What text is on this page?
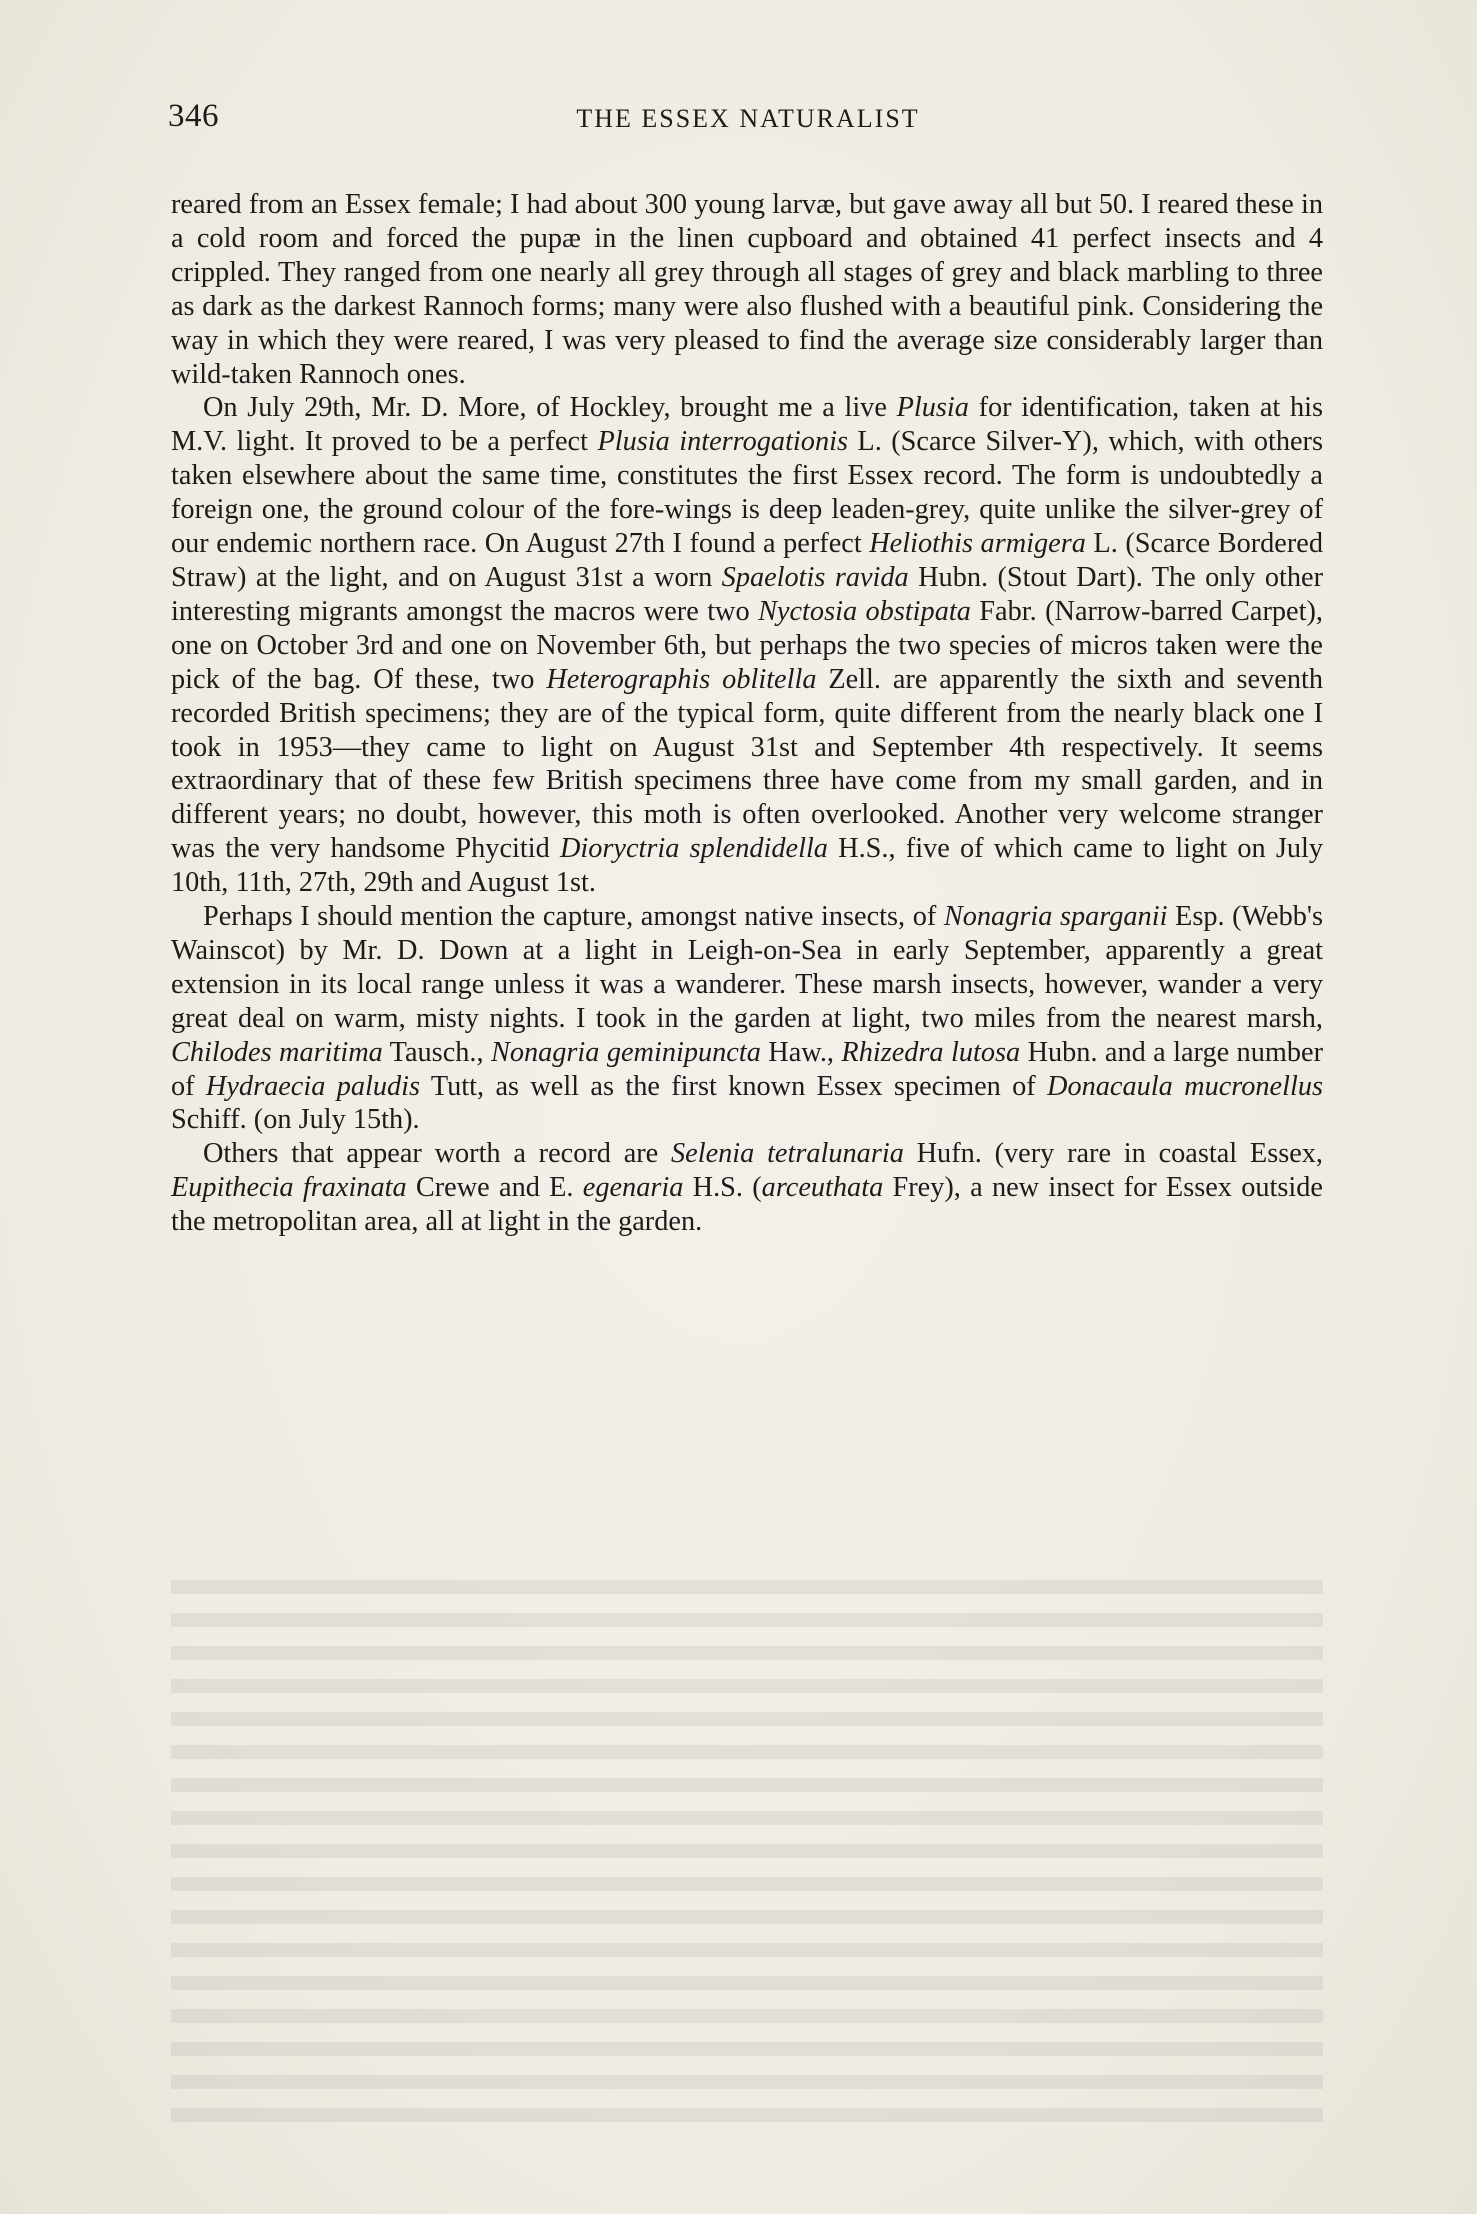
346	THE ESSEX NATURALIST

reared from an Essex female; I had about 300 young larvæ, but gave away all but 50. I reared these in a cold room and forced the pupæ in the linen cupboard and obtained 41 perfect insects and 4 crippled. They ranged from one nearly all grey through all stages of grey and black marbling to three as dark as the darkest Rannoch forms; many were also flushed with a beautiful pink. Considering the way in which they were reared, I was very pleased to find the average size considerably larger than wild-taken Rannoch ones.

On July 29th, Mr. D. More, of Hockley, brought me a live Plusia for identification, taken at his M.V. light. It proved to be a perfect Plusia interrogationis L. (Scarce Silver-Y), which, with others taken elsewhere about the same time, constitutes the first Essex record. The form is undoubtedly a foreign one, the ground colour of the fore-wings is deep leaden-grey, quite unlike the silver-grey of our endemic northern race. On August 27th I found a perfect Heliothis armigera L. (Scarce Bordered Straw) at the light, and on August 31st a worn Spaelotis ravida Hubn. (Stout Dart). The only other interesting migrants amongst the macros were two Nyctosia obstipata Fabr. (Narrow-barred Carpet), one on October 3rd and one on November 6th, but perhaps the two species of micros taken were the pick of the bag. Of these, two Heterographis oblitella Zell. are apparently the sixth and seventh recorded British specimens; they are of the typical form, quite different from the nearly black one I took in 1953—they came to light on August 31st and September 4th respectively. It seems extraordinary that of these few British specimens three have come from my small garden, and in different years; no doubt, however, this moth is often overlooked. Another very welcome stranger was the very handsome Phycitid Dioryctria splendidella H.S., five of which came to light on July 10th, 11th, 27th, 29th and August 1st.

Perhaps I should mention the capture, amongst native insects, of Nonagria sparganii Esp. (Webb's Wainscot) by Mr. D. Down at a light in Leigh-on-Sea in early September, apparently a great extension in its local range unless it was a wanderer. These marsh insects, however, wander a very great deal on warm, misty nights. I took in the garden at light, two miles from the nearest marsh, Chilodes maritima Tausch., Nonagria geminipuncta Haw., Rhizedra lutosa Hubn. and a large number of Hydraecia paludis Tutt, as well as the first known Essex specimen of Donacaula mucronellus Schiff. (on July 15th).

Others that appear worth a record are Selenia tetralunaria Hufn. (very rare in coastal Essex, Eupithecia fraxinata Crewe and E. egenaria H.S. (arceuthata Frey), a new insect for Essex outside the metropolitan area, all at light in the garden.
